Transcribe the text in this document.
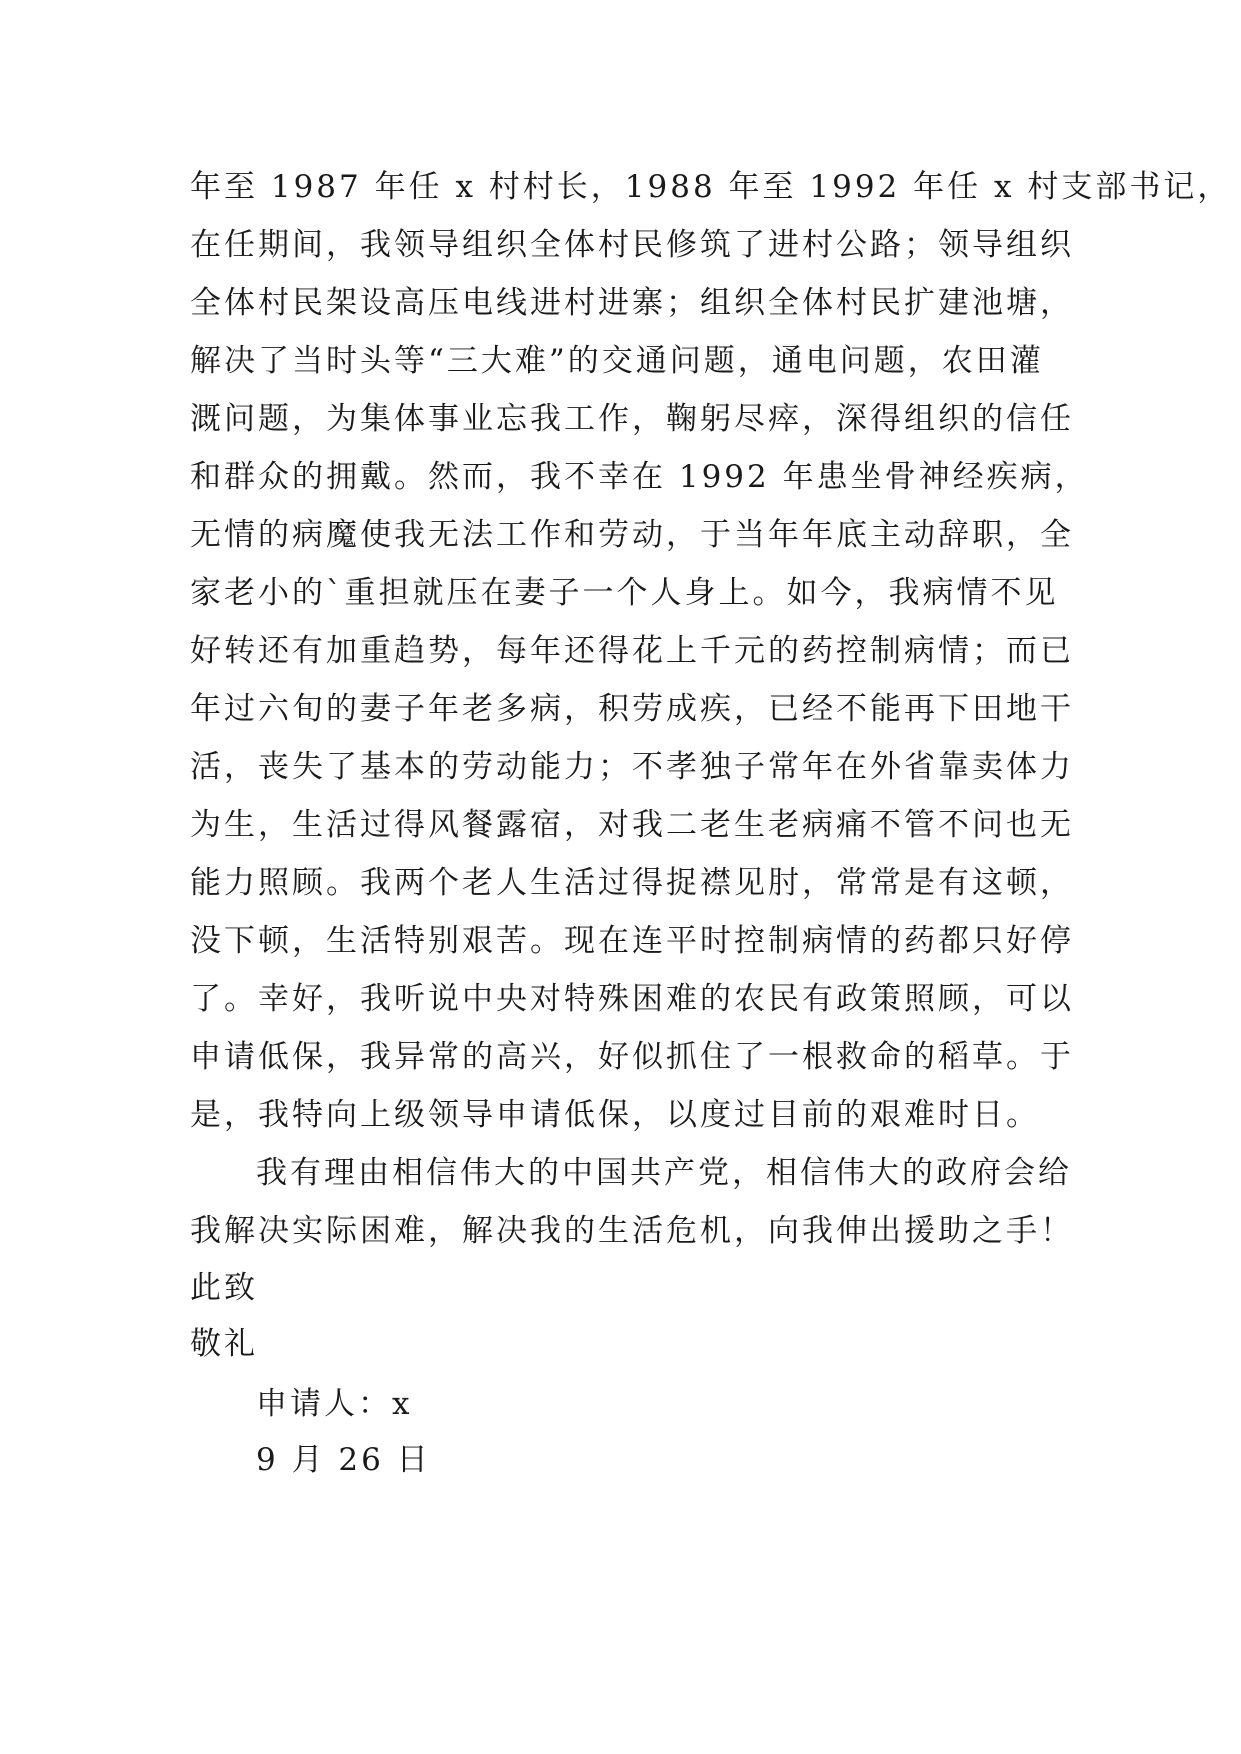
年至 1987 年任 x 村村长，1988 年至 1992 年任 x 村支部书记，
在任期间，我领导组织全体村民修筑了进村公路；领导组织
全体村民架设高压电线进村进寨；组织全体村民扩建池塘，
解决了当时头等“三大难”的交通问题，通电问题，农田灌
溉问题，为集体事业忘我工作，鞠躬尽瘁，深得组织的信任
和群众的拥戴。然而，我不幸在 1992 年患坐骨神经疾病，
无情的病魔使我无法工作和劳动，于当年年底主动辞职，全
家老小的`重担就压在妻子一个人身上。如今，我病情不见
好转还有加重趋势，每年还得花上千元的药控制病情；而已
年过六旬的妻子年老多病，积劳成疾，已经不能再下田地干
活，丧失了基本的劳动能力；不孝独子常年在外省靠卖体力
为生，生活过得风餐露宿，对我二老生老病痛不管不问也无
能力照顾。我两个老人生活过得捉襟见肘，常常是有这顿，
没下顿，生活特别艰苦。现在连平时控制病情的药都只好停
了。幸好，我听说中央对特殊困难的农民有政策照顾，可以
申请低保，我异常的高兴，好似抓住了一根救命的稻草。于
是，我特向上级领导申请低保，以度过目前的艰难时日。
我有理由相信伟大的中国共产党，相信伟大的政府会给
我解决实际困难，解决我的生活危机，向我伸出援助之手！
此致
敬礼
申请人：x
9 月 26 日
